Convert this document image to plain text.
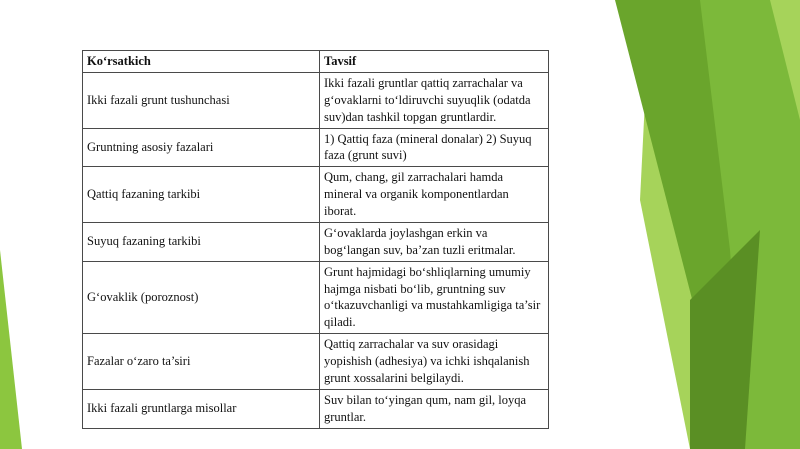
Ko‘rsatkich	Tavsif
Ikki fazali grunt tushunchasi	Ikki fazali gruntlar qattiq zarrachalar va g‘ovaklarni to‘ldiruvchi suyuqlik (odatda suv)dan tashkil topgan gruntlardir.
Gruntning asosiy fazalari	1) Qattiq faza (mineral donalar) 2) Suyuq faza (grunt suvi)
Qattiq fazaning tarkibi	Qum, chang, gil zarrachalari hamda mineral va organik komponentlardan iborat.
Suyuq fazaning tarkibi	G‘ovaklarda joylashgan erkin va bog‘langan suv, ba’zan tuzli eritmalar.
G‘ovaklik (poroznost)	Grunt hajmidagi bo‘shliqlarning umumiy hajmga nisbati bo‘lib, gruntning suv o‘tkazuvchanligi va mustahkamligiga ta’sir qiladi.
Fazalar o‘zaro ta’siri	Qattiq zarrachalar va suv orasidagi yopishish (adhesiya) va ichki ishqalanish grunt xossalarini belgilaydi.
Ikki fazali gruntlarga misollar	Suv bilan to‘yingan qum, nam gil, loyqa gruntlar.
